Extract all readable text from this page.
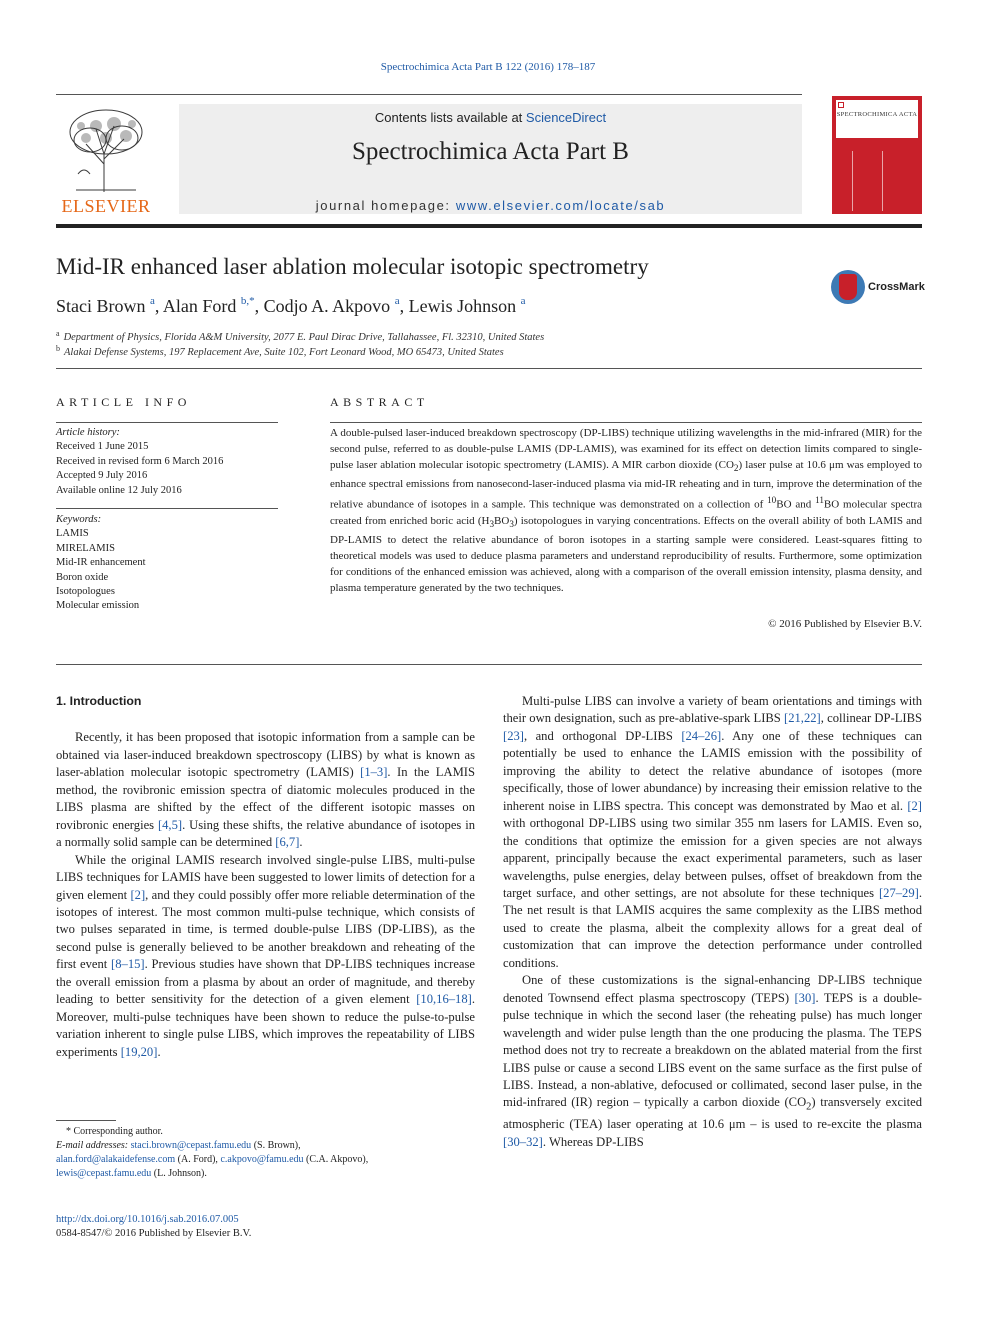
Spectrochimica Acta Part B 122 (2016) 178–187
ELSEVIER
Contents lists available at ScienceDirect
Spectrochimica Acta Part B
journal homepage: www.elsevier.com/locate/sab
SPECTROCHIMICA ACTA
Mid-IR enhanced laser ablation molecular isotopic spectrometry
CrossMark
Staci Brown $^a$, Alan Ford $^{b,*}$, Codjo A. Akpovo $^a$, Lewis Johnson $^a$
$^a$ Department of Physics, Florida A&M University, 2077 E. Paul Dirac Drive, Tallahassee, Fl. 32310, United States
$^b$ Alakai Defense Systems, 197 Replacement Ave, Suite 102, Fort Leonard Wood, MO 65473, United States
ARTICLE INFO	ABSTRACT
Article history:
Received 1 June 2015
Received in revised form 6 March 2016
Accepted 9 July 2016
Available online 12 July 2016
Keywords:
LAMIS
MIRELAMIS
Mid-IR enhancement
Boron oxide
Isotopologues
Molecular emission
A double-pulsed laser-induced breakdown spectroscopy (DP-LIBS) technique utilizing wavelengths in the mid-infrared (MIR) for the second pulse, referred to as double-pulse LAMIS (DP-LAMIS), was examined for its effect on detection limits compared to single-pulse laser ablation molecular isotopic spectrometry (LAMIS). A MIR carbon dioxide $(CO_2)$ laser pulse at 10.6 μm was employed to enhance spectral emissions from nanosecond-laser-induced plasma via mid-IR reheating and in turn, improve the determination of the relative abundance of isotopes in a sample. This technique was demonstrated on a collection of $^{10}$BO and $^{11}$BO molecular spectra created from enriched boric acid $(H_3BO_3)$ isotopologues in varying concentrations. Effects on the overall ability of both LAMIS and DP-LAMIS to detect the relative abundance of boron isotopes in a starting sample were considered. Least-squares fitting to theoretical models was used to deduce plasma parameters and understand reproducibility of results. Furthermore, some optimization for conditions of the enhanced emission was achieved, along with a comparison of the overall emission intensity, plasma density, and plasma temperature generated by the two techniques.
© 2016 Published by Elsevier B.V.
1. Introduction

Recently, it has been proposed that isotopic information from a sample can be obtained via laser-induced breakdown spectroscopy (LIBS) by what is known as laser-ablation molecular isotopic spectrometry (LAMIS) [1–3]. In the LAMIS method, the rovibronic emission spectra of diatomic molecules produced in the LIBS plasma are shifted by the effect of the different isotopic masses on rovibronic energies [4,5]. Using these shifts, the relative abundance of isotopes in a normally solid sample can be determined [6,7].

While the original LAMIS research involved single-pulse LIBS, multi-pulse LIBS techniques for LAMIS have been suggested to lower limits of detection for a given element [2], and they could possibly offer more reliable determination of the isotopes of interest. The most common multi-pulse technique, which consists of two pulses separated in time, is termed double-pulse LIBS (DP-LIBS), as the second pulse is generally believed to be another breakdown and reheating of the first event [8–15]. Previous studies have shown that DP-LIBS techniques increase the overall emission from a plasma by about an order of magnitude, and thereby leading to better sensitivity for the detection of a given element [10,16–18]. Moreover, multi-pulse techniques have been shown to reduce the pulse-to-pulse variation inherent to single pulse LIBS, which improves the repeatability of LIBS experiments [19,20].

Multi-pulse LIBS can involve a variety of beam orientations and timings with their own designation, such as pre-ablative-spark LIBS [21,22], collinear DP-LIBS [23], and orthogonal DP-LIBS [24–26]. Any one of these techniques can potentially be used to enhance the LAMIS emission with the possibility of improving the ability to detect the relative abundance of isotopes (more specifically, those of lower abundance) by increasing their emission relative to the inherent noise in LIBS spectra. This concept was demonstrated by Mao et al. [2] with orthogonal DP-LIBS using two similar 355 nm lasers for LAMIS. Even so, the conditions that optimize the emission for a given species are not always apparent, principally because the exact experimental parameters, such as laser wavelengths, pulse energies, delay between pulses, offset of breakdown from the target surface, and other settings, are not absolute for these techniques [27–29]. The net result is that LAMIS acquires the same complexity as the LIBS method used to create the plasma, albeit the complexity allows for a great deal of customization that can improve the detection performance under controlled conditions.

One of these customizations is the signal-enhancing DP-LIBS technique denoted Townsend effect plasma spectroscopy (TEPS) [30]. TEPS is a double-pulse technique in which the second laser (the reheating pulse) has much longer wavelength and wider pulse length than the one producing the plasma. The TEPS method does not try to recreate a breakdown on the ablated material from the first LIBS pulse or cause a second LIBS event on the same surface as the first pulse of LIBS. Instead, a non-ablative, defocused or collimated, second laser pulse, in the mid-infrared (IR) region – typically a carbon dioxide $(CO_2)$ transversely excited atmospheric (TEA) laser operating at 10.6 μm – is used to re-excite the plasma [30–32]. Whereas DP-LIBS

* Corresponding author.
E-mail addresses: staci.brown@cepast.famu.edu (S. Brown),
alan.ford@alakaidefense.com (A. Ford), c.akpovo@famu.edu (C.A. Akpovo),
lewis@cepast.famu.edu (L. Johnson).
http://dx.doi.org/10.1016/j.sab.2016.07.005
0584-8547/© 2016 Published by Elsevier B.V.
